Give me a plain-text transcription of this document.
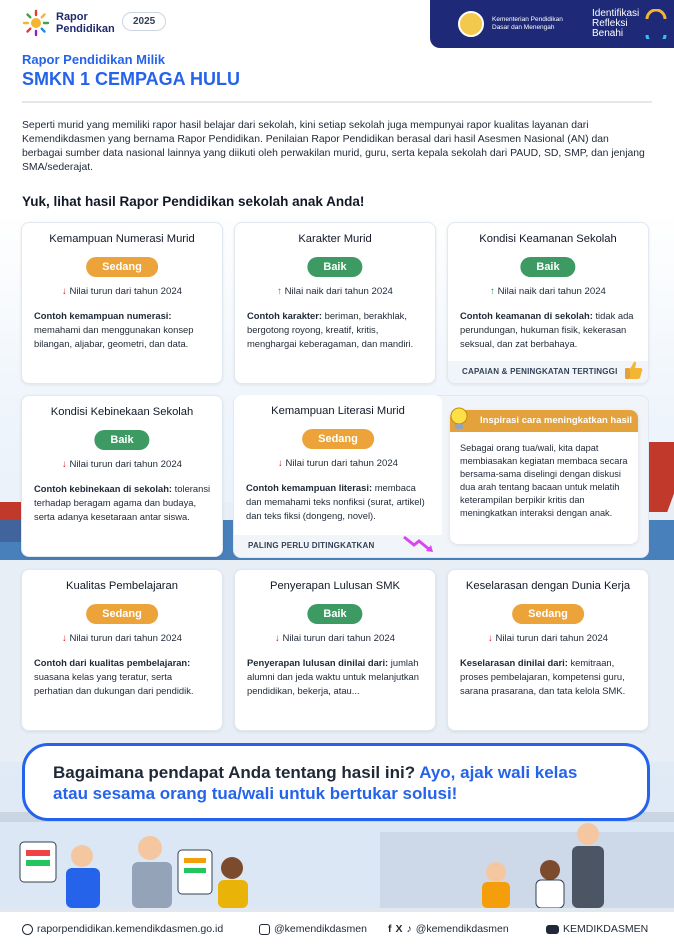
Rapor
Pendidikan
2025	Kementerian Pendidikan Dasar dan Menengah
Identifikasi
Refleksi
Benahi
Rapor Pendidikan Milik
SMKN 1 CEMPAGA HULU
Seperti murid yang memiliki rapor hasil belajar dari sekolah, kini setiap sekolah juga mempunyai rapor kualitas layanan dari Kemendikdasmen yang bernama Rapor Pendidikan. Penilaian Rapor Pendidikan berasal dari hasil Asesmen Nasional (AN) dan berbagai sumber data nasional lainnya yang diikuti oleh perwakilan murid, guru, serta kepala sekolah dari PAUD, SD, SMP, dan jenjang SMA/sederajat.
Yuk, lihat hasil Rapor Pendidikan sekolah anak Anda!
Kemampuan Numerasi Murid
Sedang
↓ Nilai turun dari tahun 2024
Contoh kemampuan numerasi: memahami dan menggunakan konsep bilangan, aljabar, geometri, dan data.
Karakter Murid
Baik
↑ Nilai naik dari tahun 2024
Contoh karakter: beriman, berakhlak, bergotong royong, kreatif, kritis, menghargai keberagaman, dan mandiri.
Kondisi Keamanan Sekolah
Baik
↑ Nilai naik dari tahun 2024
Contoh keamanan di sekolah: tidak ada perundungan, hukuman fisik, kekerasan seksual, dan zat berbahaya.
CAPAIAN & PENINGKATAN TERTINGGI
Kondisi Kebinekaan Sekolah
Baik
↓ Nilai turun dari tahun 2024
Contoh kebinekaan di sekolah: toleransi terhadap beragam agama dan budaya, serta adanya kesetaraan antar siswa.
Kemampuan Literasi Murid
Sedang
↓ Nilai turun dari tahun 2024
Contoh kemampuan literasi: membaca dan memahami teks nonfiksi (surat, artikel) dan teks fiksi (dongeng, novel).
PALING PERLU DITINGKATKAN
Inspirasi cara meningkatkan hasil
Sebagai orang tua/wali, kita dapat membiasakan kegiatan membaca secara bersama-sama diselingi dengan diskusi dua arah tentang bacaan untuk melatih keterampilan berpikir kritis dan meningkatkan interaksi dengan anak.
Kualitas Pembelajaran
Sedang
↓ Nilai turun dari tahun 2024
Contoh dari kualitas pembelajaran: suasana kelas yang teratur, serta perhatian dan dukungan dari pendidik.
Penyerapan Lulusan SMK
Baik
↓ Nilai turun dari tahun 2024
Penyerapan lulusan dinilai dari: jumlah alumni dan jeda waktu untuk melanjutkan pendidikan, bekerja, atau...
Keselarasan dengan Dunia Kerja
Sedang
↓ Nilai turun dari tahun 2024
Keselarasan dinilai dari: kemitraan, proses pembelajaran, kompetensi guru, sarana prasarana, dan tata kelola SMK.
Bagaimana pendapat Anda tentang hasil ini? Ayo, ajak wali kelas
atau sesama orang tua/wali untuk bertukar solusi!
raporpendidikan.kemendikdasmen.go.id	@kemendikdasmen f X ♪ @kemendikdasmen	KEMDIKDASMEN
